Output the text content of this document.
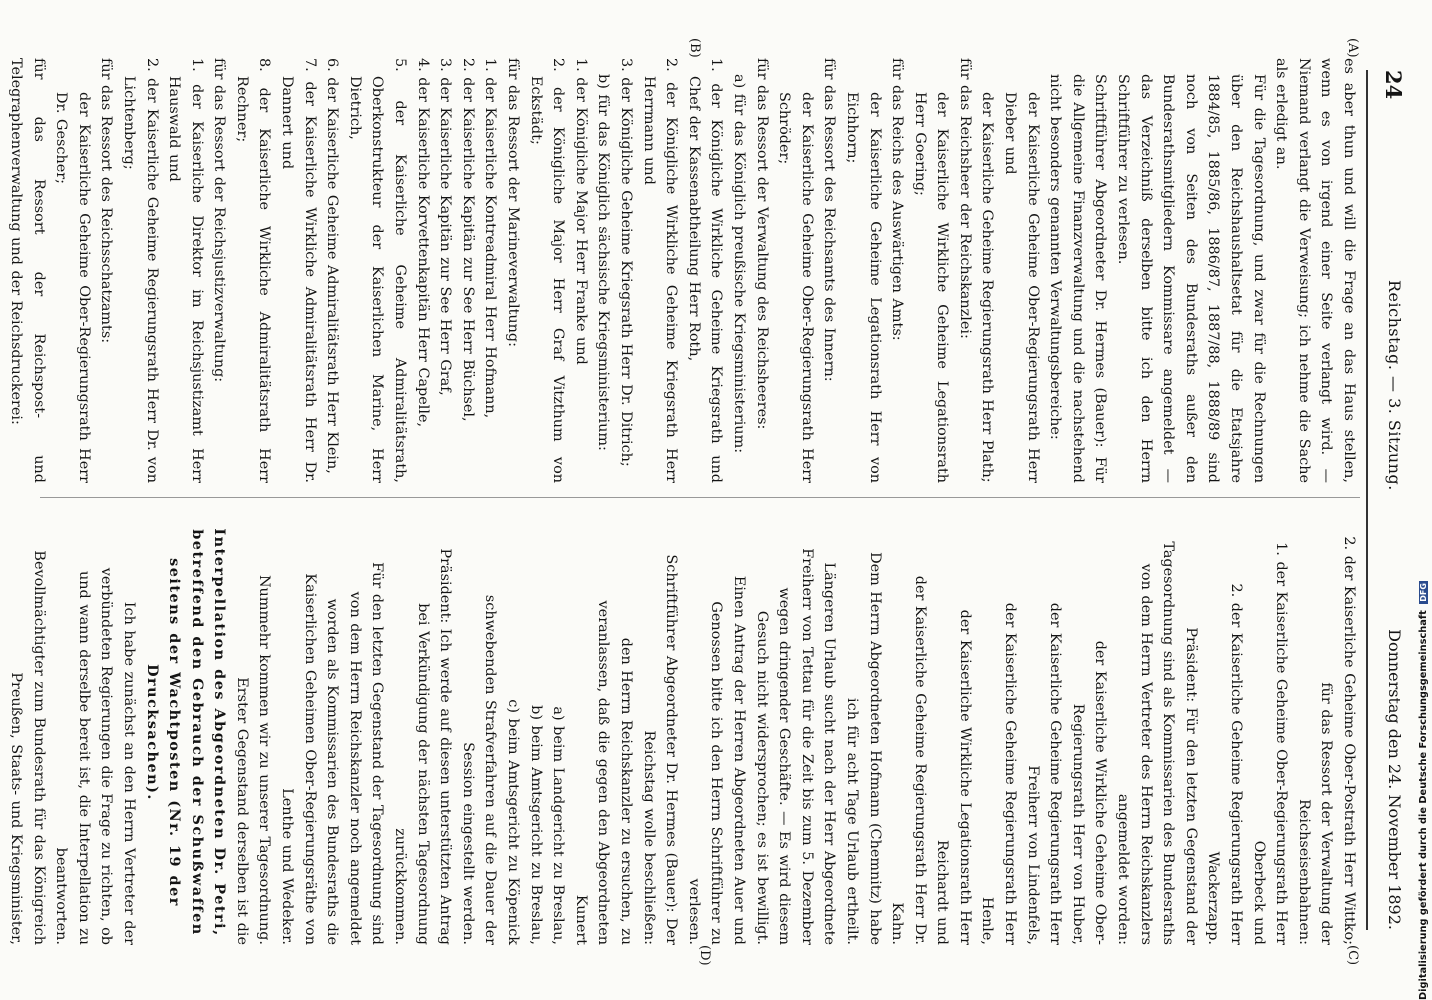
24
Reichstag. — 3. Sitzung.
Donnerstag den 24. November 1892.
(A)
(B)
(C)
(D)

es aber thun und will die Frage an das Haus stellen, wenn es von irgend einer Seite verlangt wird. — Niemand verlangt die Verweisung; ich nehme die Sache als erledigt an.

Für die Tagesordnung, und zwar für die Rechnungen über den Reichshaushaltsetat für die Etatsjahre 1884/85, 1885/86, 1886/87, 1887/88, 1888/89 sind noch von Seiten des Bundesraths außer den Bundesrathsmitgliedern Kommissare angemeldet — das Verzeichniß derselben bitte ich den Herrn Schriftführer zu verlesen.

Schriftführer Abgeordneter Dr. Hermes (Bauer): Für die Allgemeine Finanzverwaltung und die nachstehend nicht besonders genannten Verwaltungsbereiche:

der Kaiserliche Geheime Ober-Regierungsrath Herr Dieber und

der Kaiserliche Geheime Regierungsrath Herr Plath;

für das Reichsheer der Reichskanzlei:

der Kaiserliche Wirkliche Geheime Legationsrath Herr Goering;

für das Reichs des Auswärtigen Amts:

der Kaiserliche Geheime Legationsrath Herr von Eichhorn;

für das Ressort des Reichsamts des Innern:

der Kaiserliche Geheime Ober-Regierungsrath Herr Schröder;

für das Ressort der Verwaltung des Reichsheeres:

a) für das Königlich preußische Kriegsministerium:

1. der Königliche Wirkliche Geheime Kriegsrath und Chef der Kassenabtheilung Herr Roth,

2. der Königliche Wirkliche Geheime Kriegsrath Herr Herrmann und

3. der Königliche Geheime Kriegsrath Herr Dr. Ditrich;

b) für das Königlich sächsische Kriegsministerium:

1. der Königliche Major Herr Franke und

2. der Königliche Major Herr Graf Vitzthum von Eckstädt;

für das Ressort der Marineverwaltung:

1. der Kaiserliche Kontreadmiral Herr Hofmann,

2. der Kaiserliche Kapitän zur See Herr Büchsel,

3. der Kaiserliche Kapitän zur See Herr Graf,

4. der Kaiserliche Korvettenkapitän Herr Capelle,

5. der Kaiserliche Geheime Admiralitätsrath, Oberkonstrukteur der Kaiserlichen Marine, Herr Dietrich,

6. der Kaiserliche Geheime Admiralitätsrath Herr Klein,

7. der Kaiserliche Wirkliche Admiralitätsrath Herr Dr. Dannert und

8. der Kaiserliche Wirkliche Admiralitätsrath Herr Rechner;

für das Ressort der Reichsjustizverwaltung:

1. der Kaiserliche Direktor im Reichsjustizamt Herr Hauswald und

2. der Kaiserliche Geheime Regierungsrath Herr Dr. von Lichtenberg;

für das Ressort des Reichsschatzamts:

der Kaiserliche Geheime Ober-Regierungsrath Herr Dr. Gescher;

für das Ressort der Reichspost- und Telegraphenverwaltung und der Reichsdruckerei:

2. der Kaiserliche Geheime Ober-Postrath Herr Wittko;

für das Ressort der Verwaltung der Reichseisenbahnen:

1. der Kaiserliche Geheime Ober-Regierungsrath Herr Oberbeck und

2. der Kaiserliche Geheime Regierungsrath Herr Wackerzapp.

Präsident: Für den letzten Gegenstand der Tagesordnung sind als Kommissarien des Bundesraths von dem Herrn Vertreter des Herrn Reichskanzlers angemeldet worden:

der Kaiserliche Wirkliche Geheime Ober-Regierungsrath Herr von Huber,

der Kaiserliche Geheime Regierungsrath Herr Freiherr von Lindenfels,

der Kaiserliche Geheime Regierungsrath Herr Henle,

der Kaiserliche Wirkliche Legationsrath Herr Reichardt und

der Kaiserliche Geheime Regierungsrath Herr Dr. Kahn.

Dem Herrn Abgeordneten Hofmann (Chemnitz) habe ich für acht Tage Urlaub ertheilt.

Längeren Urlaub sucht nach der Herr Abgeordnete Freiherr von Tettau für die Zeit bis zum 5. Dezember wegen dringender Geschäfte. — Es wird diesem Gesuch nicht widersprochen; es ist bewilligt.

Einen Antrag der Herren Abgeordneten Auer und Genossen bitte ich den Herrn Schriftführer zu verlesen.

Schriftführer Abgeordneter Dr. Hermes (Bauer): Der Reichstag wolle beschließen:

den Herrn Reichskanzler zu ersuchen, zu veranlassen, daß die gegen den Abgeordneten Kunert

a) beim Landgericht zu Breslau,

b) beim Amtsgericht zu Breslau,

c) beim Amtsgericht zu Köpenick

schwebenden Strafverfahren auf die Dauer der Session eingestellt werden.

Präsident: Ich werde auf diesen unterstützten Antrag bei Verkündigung der nächsten Tagesordnung zurückkommen.

Für den letzten Gegenstand der Tagesordnung sind von dem Herrn Reichskanzler noch angemeldet worden als Kommissarien des Bundesraths die Kaiserlichen Geheimen Ober-Regierungsräthe von Lenthe und Wedeker.

Nummehr kommen wir zu unserer Tagesordnung. Erster Gegenstand derselben ist die

Interpellation des Abgeordneten Dr. Petri, betreffend den Gebrauch der Schußwaffen seitens der Wachtposten (Nr. 19 der Drucksachen).

Ich habe zunächst an den Herrn Vertreter der verbündeten Regierungen die Frage zu richten, ob und wann derselbe bereit ist, die Interpellation zu beantworten.

Bevollmächtigter zum Bundesrath für das Königreich Preußen, Staats- und Kriegsminister,	Digitalisierung gefördert durch die Deutsche Forschungsgemeinschaft DFG
